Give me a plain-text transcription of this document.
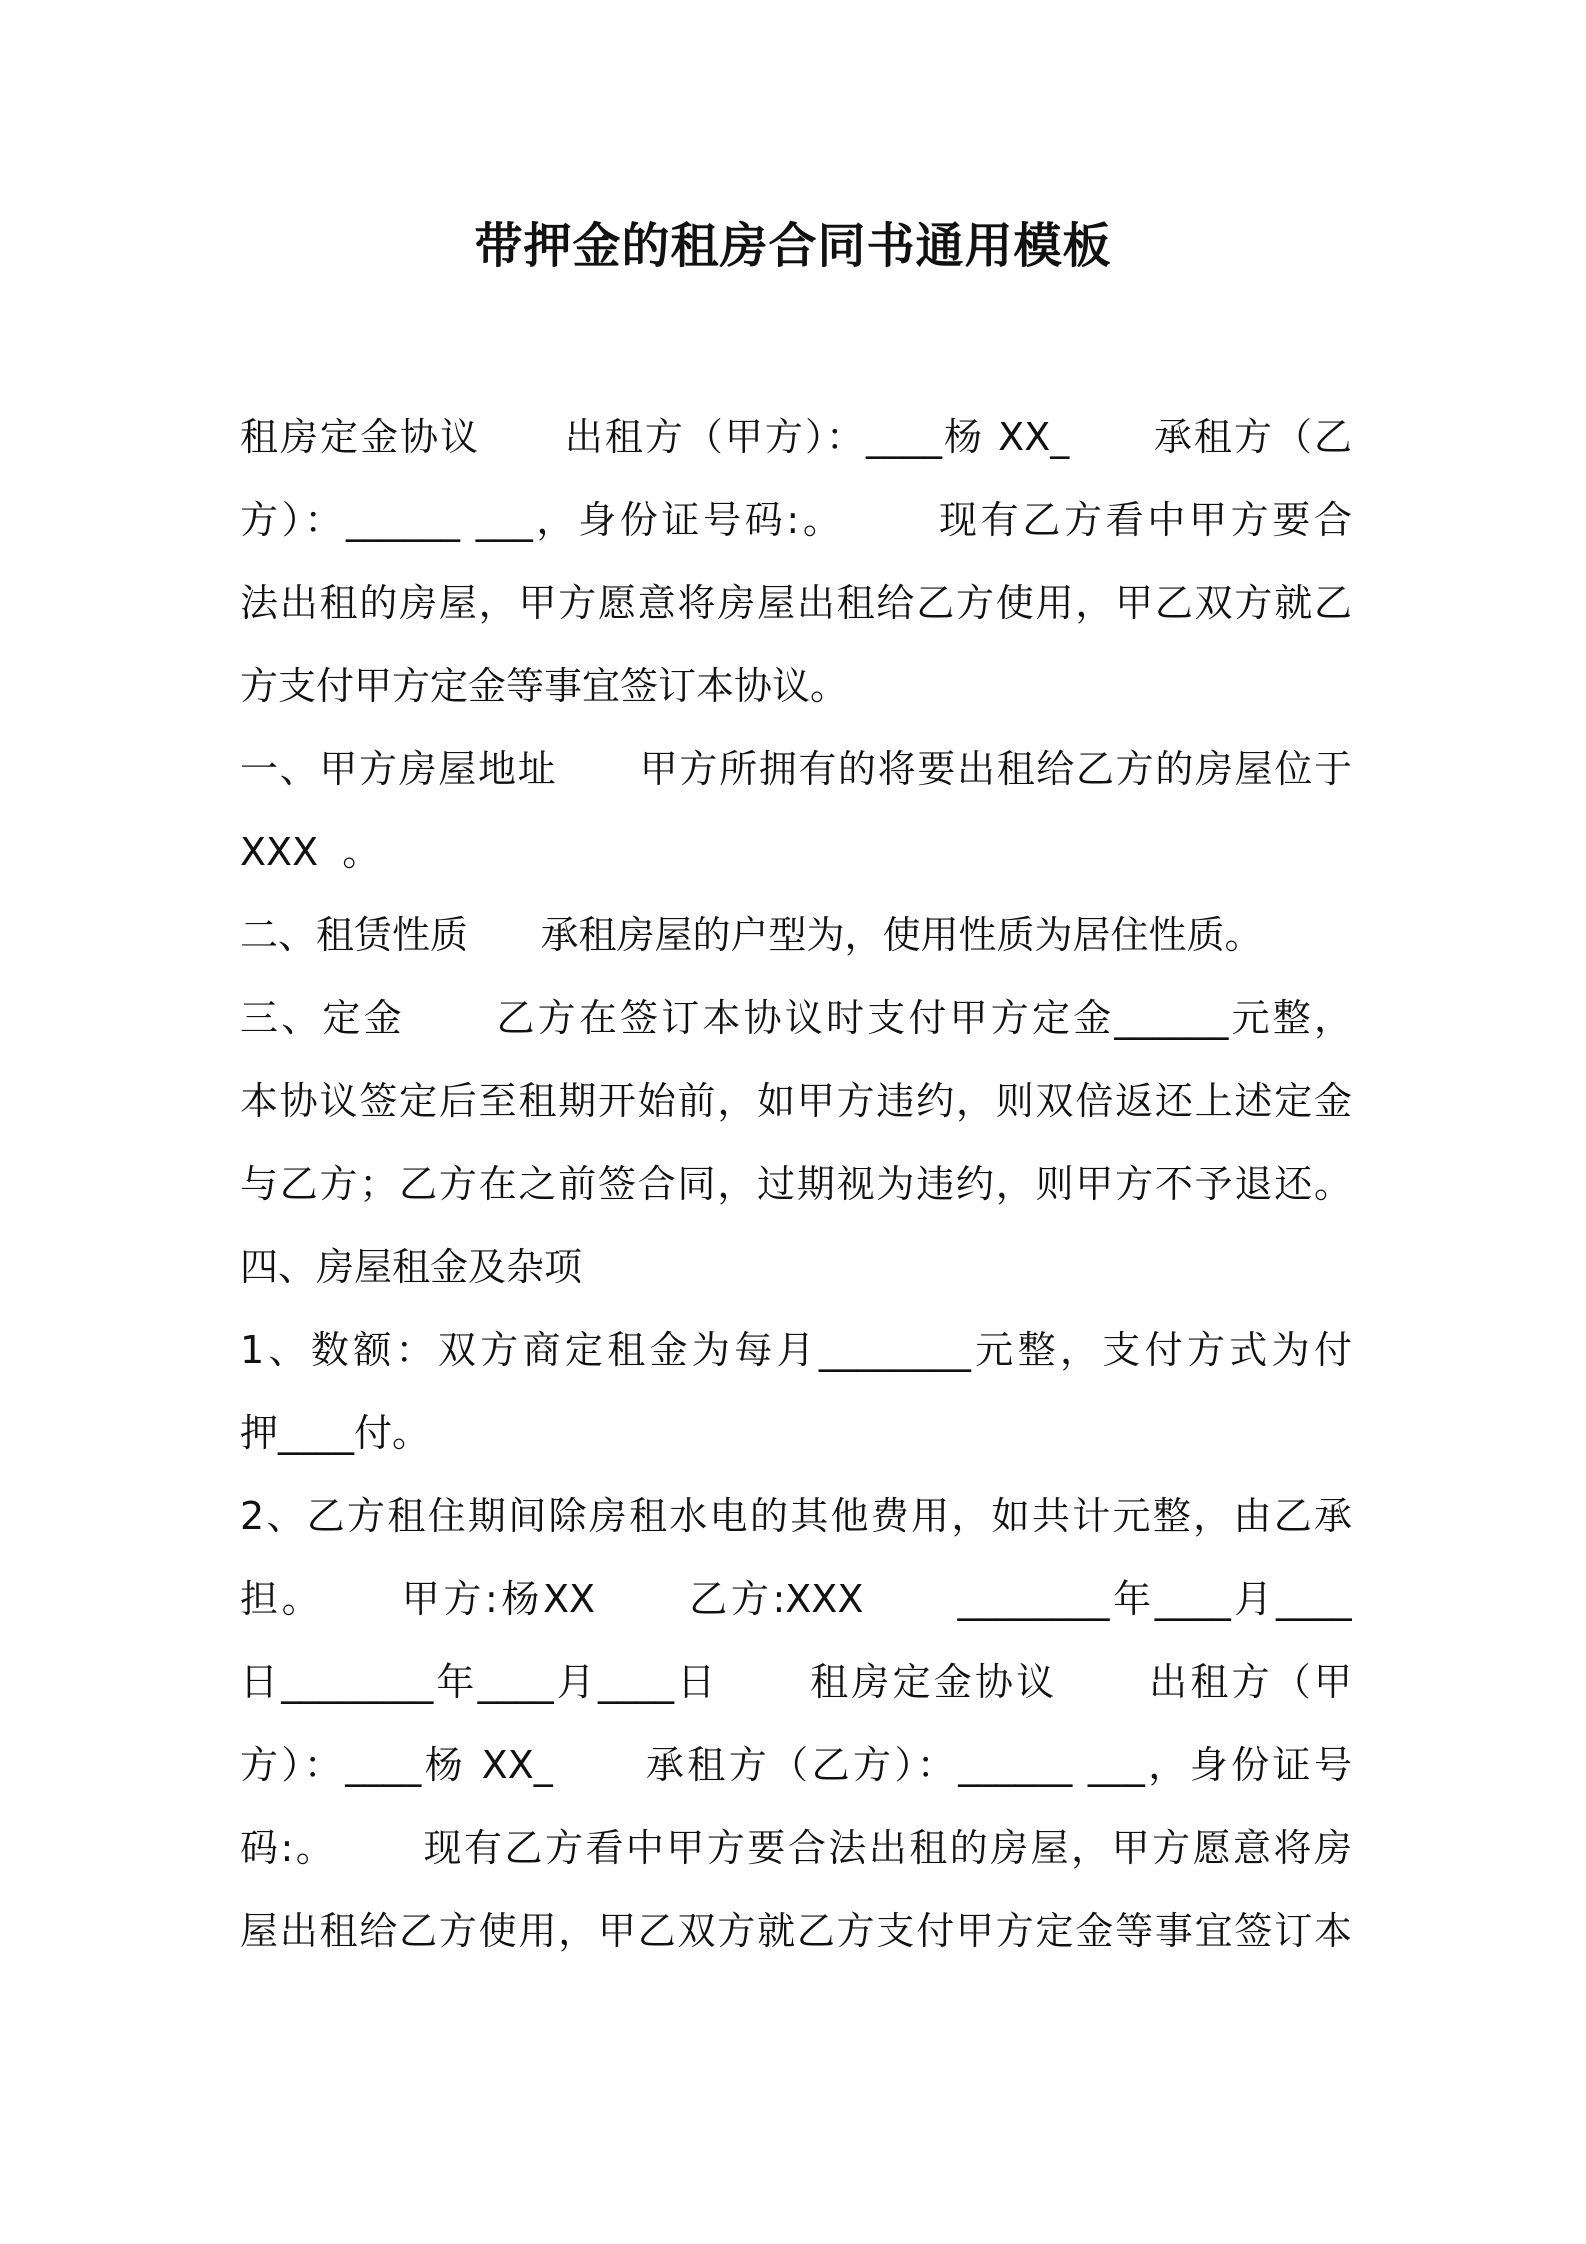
带押金的租房合同书通用模板
租房定金协议      出租方（甲方）：____杨 XX_      承租方（乙
方）：______ ___，身份证号码:。      现有乙方看中甲方要合
法出租的房屋，甲方愿意将房屋出租给乙方使用，甲乙双方就乙
方支付甲方定金等事宜签订本协议。
一、甲方房屋地址      甲方所拥有的将要出租给乙方的房屋位于
XXX  。
二、租赁性质      承租房屋的户型为，使用性质为居住性质。
三、定金      乙方在签订本协议时支付甲方定金______元整，
本协议签定后至租期开始前，如甲方违约，则双倍返还上述定金
与乙方；乙方在之前签合同，过期视为违约，则甲方不予退还。
四、房屋租金及杂项
1、数额：双方商定租金为每月________元整，支付方式为付
押____付。
2、乙方租住期间除房租水电的其他费用，如共计元整，由乙承
担。     甲方:杨XX      乙方:XXX      ________年____月____
日________年____月____日      租房定金协议      出租方（甲
方）：____杨 XX_      承租方（乙方）：______ ___，身份证号
码:。      现有乙方看中甲方要合法出租的房屋，甲方愿意将房
屋出租给乙方使用，甲乙双方就乙方支付甲方定金等事宜签订本
